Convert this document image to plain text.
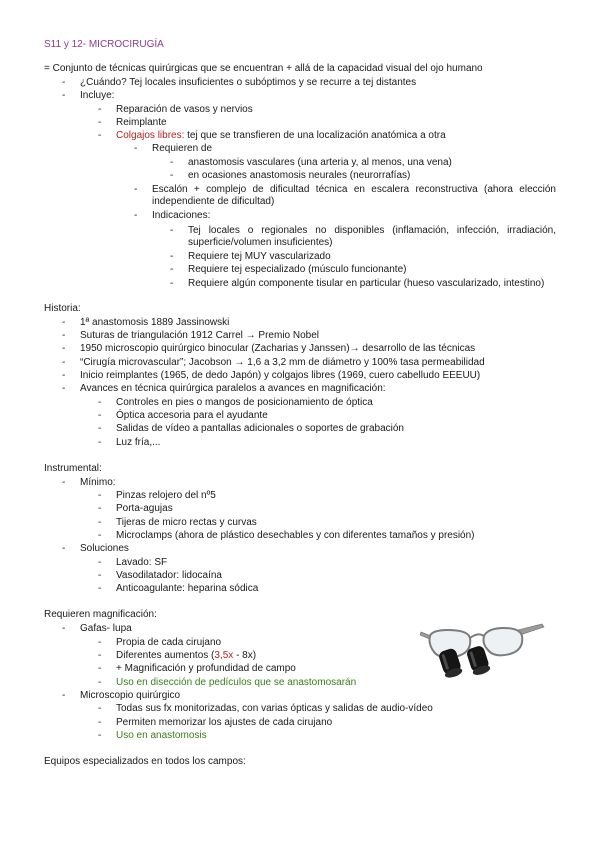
S11 y 12- MICROCIRUGÍA
= Conjunto de técnicas quirúrgicas que se encuentran + allá de la capacidad visual del ojo humano
- ¿Cuándo? Tej locales insuficientes o subóptimos y se recurre a tej distantes
- Incluye:
- Reparación de vasos y nervios
- Reimplante
- Colgajos libres: tej que se transfieren de una localización anatómica a otra
- Requieren de
- anastomosis vasculares (una arteria y, al menos, una vena)
- en ocasiones anastomosis neurales (neurorrafías)
- Escalón + complejo de dificultad técnica en escalera reconstructiva (ahora elección independiente de dificultad)
- Indicaciones:
- Tej locales o regionales no disponibles (inflamación, infección, irradiación, superficie/volumen insuficientes)
- Requiere tej MUY vascularizado
- Requiere tej especializado (músculo funcionante)
- Requiere algún componente tisular en particular (hueso vascularizado, intestino)
Historia:
- 1ª anastomosis 1889 Jassinowski
- Suturas de triangulación 1912 Carrel → Premio Nobel
- 1950 microscopio quirúrgico binocular (Zacharias y Janssen)→ desarrollo de las técnicas
- “Cirugía microvascular”; Jacobson → 1,6 a 3,2 mm de diámetro y 100% tasa permeabilidad
- Inicio reimplantes (1965, de dedo Japón) y colgajos libres (1969, cuero cabelludo EEEUU)
- Avances en técnica quirúrgica paralelos a avances en magnificación:
- Controles en pies o mangos de posicionamiento de óptica
- Óptica accesoria para el ayudante
- Salidas de vídeo a pantallas adicionales o soportes de grabación
- Luz fría,...
Instrumental:
- Mínimo:
- Pinzas relojero del nº5
- Porta-agujas
- Tijeras de micro rectas y curvas
- Microclamps (ahora de plástico desechables y con diferentes tamaños y presión)
- Soluciones
- Lavado: SF
- Vasodilatador: lidocaína
- Anticoagulante: heparina sódica
Requieren magnificación:
- Gafas- lupa
- Propia de cada cirujano
- Diferentes aumentos (3,5x - 8x)
- + Magnificación y profundidad de campo
- Uso en disección de pedículos que se anastomosarán
- Microscopio quirúrgico
- Todas sus fx monitorizadas, con varias ópticas y salidas de audio-vídeo
- Permiten memorizar los ajustes de cada cirujano
- Uso en anastomosis
Equipos especializados en todos los campos:
